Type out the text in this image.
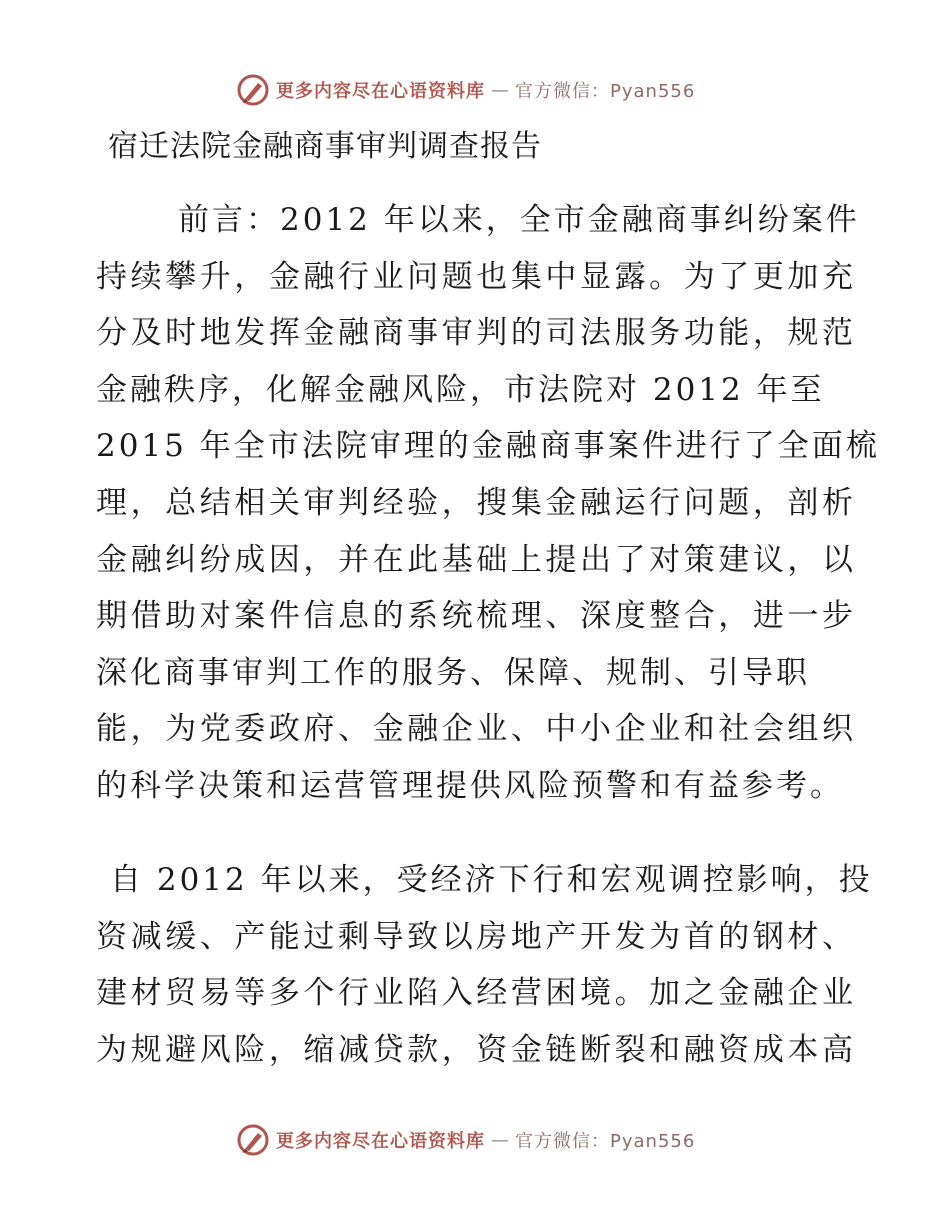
更多内容尽在心语资料库 — 官方微信：Pyan556
宿迁法院金融商事审判调查报告
前言：2012 年以来，全市金融商事纠纷案件
持续攀升，金融行业问题也集中显露。为了更加充
分及时地发挥金融商事审判的司法服务功能，规范
金融秩序，化解金融风险，市法院对 2012 年至
2015 年全市法院审理的金融商事案件进行了全面梳
理，总结相关审判经验，搜集金融运行问题，剖析
金融纠纷成因，并在此基础上提出了对策建议，以
期借助对案件信息的系统梳理、深度整合，进一步
深化商事审判工作的服务、保障、规制、引导职
能，为党委政府、金融企业、中小企业和社会组织
的科学决策和运营管理提供风险预警和有益参考。
自 2012 年以来，受经济下行和宏观调控影响，投
资减缓、产能过剩导致以房地产开发为首的钢材、
建材贸易等多个行业陷入经营困境。加之金融企业
为规避风险，缩减贷款，资金链断裂和融资成本高
更多内容尽在心语资料库 — 官方微信：Pyan556
